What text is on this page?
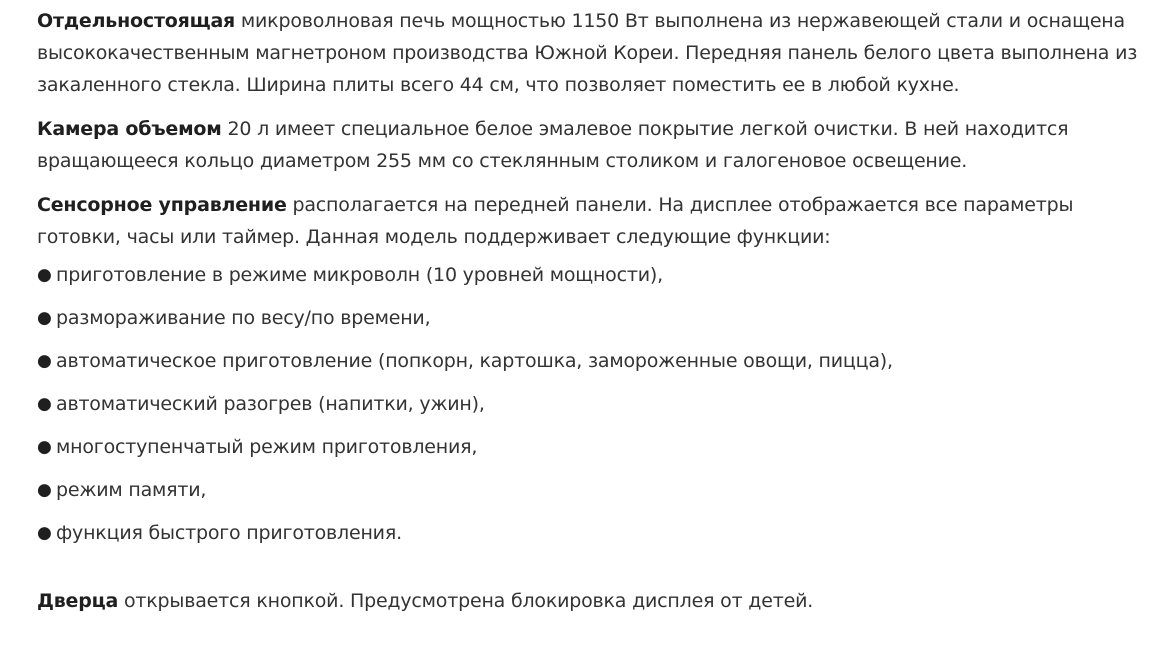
Отдельностоящая микроволновая печь мощностью 1150 Вт выполнена из нержавеющей стали и оснащена высококачественным магнетроном производства Южной Кореи. Передняя панель белого цвета выполнена из закаленного стекла. Ширина плиты всего 44 см, что позволяет поместить ее в любой кухне.

Камера объемом 20 л имеет специальное белое эмалевое покрытие легкой очистки. В ней находится вращающееся кольцо диаметром 255 мм со стеклянным столиком и галогеновое освещение.

Сенсорное управление располагается на передней панели. На дисплее отображается все параметры готовки, часы или таймер. Данная модель поддерживает следующие функции:

● приготовление в режиме микроволн (10 уровней мощности),
● размораживание по весу/по времени,
● автоматическое приготовление (попкорн, картошка, замороженные овощи, пицца),
● автоматический разогрев (напитки, ужин),
● многоступенчатый режим приготовления,
● режим памяти,
● функция быстрого приготовления.

Дверца открывается кнопкой. Предусмотрена блокировка дисплея от детей.
